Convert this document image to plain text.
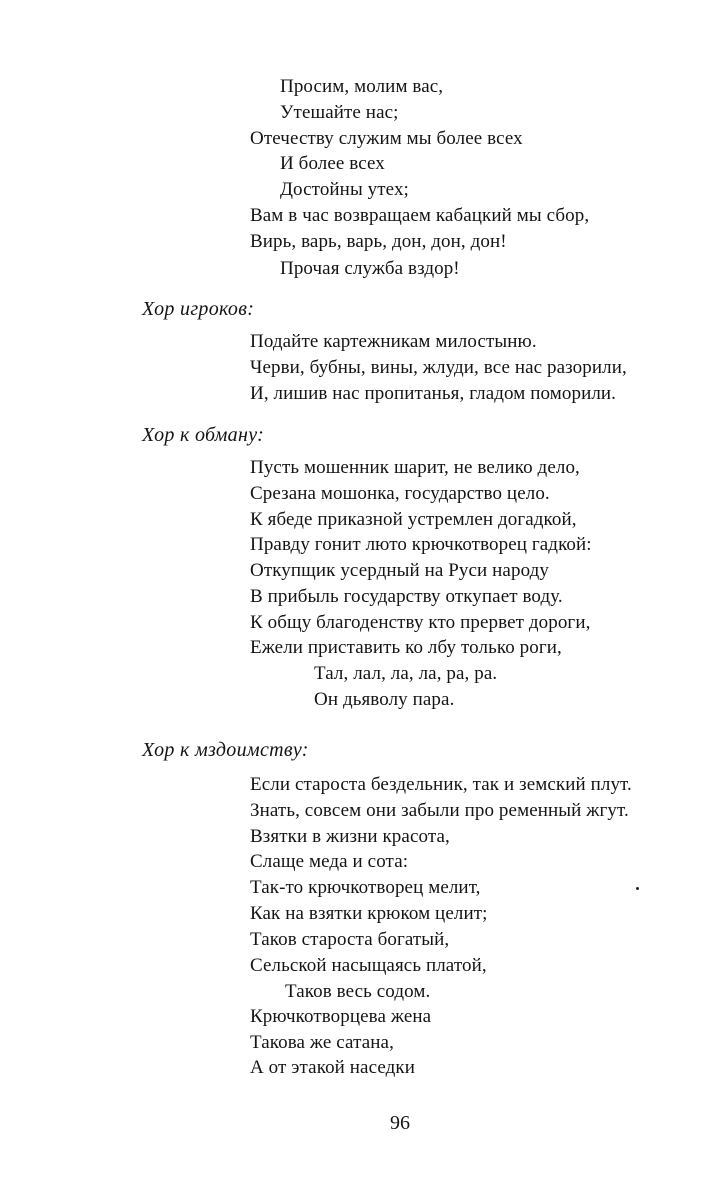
Просим, молим вас,
Утешайте нас;
Отечеству служим мы более всех
И более всех
Достойны утех;
Вам в час возвращаем кабацкий мы сбор,
Вирь, варь, варь, дон, дон, дон!
Прочая служба вздор!
Хор игроков:
Подайте картежникам милостыню.
Черви, бубны, вины, жлуди, все нас разорили,
И, лишив нас пропитанья, гладом поморили.
Хор к обману:
Пусть мошенник шарит, не велико дело,
Срезана мошонка, государство цело.
К ябеде приказной устремлен догадкой,
Правду гонит люто крючкотворец гадкой:
Откупщик усердный на Руси народу
В прибыль государству откупает воду.
К общу благоденству кто прервет дороги,
Ежели приставить ко лбу только роги,
Тал, лал, ла, ла, ра, ра.
Он дьяволу пара.
Хор к мздоимству:
Если староста бездельник, так и земский плут.
Знать, совсем они забыли про ременный жгут.
Взятки в жизни красота,
Слаще меда и сота:
Так-то крючкотворец мелит,
Как на взятки крюком целит;
Таков староста богатый,
Сельской насыщаясь платой,
Таков весь содом.
Крючкотворцева жена
Такова же сатана,
А от этакой наседки
96
